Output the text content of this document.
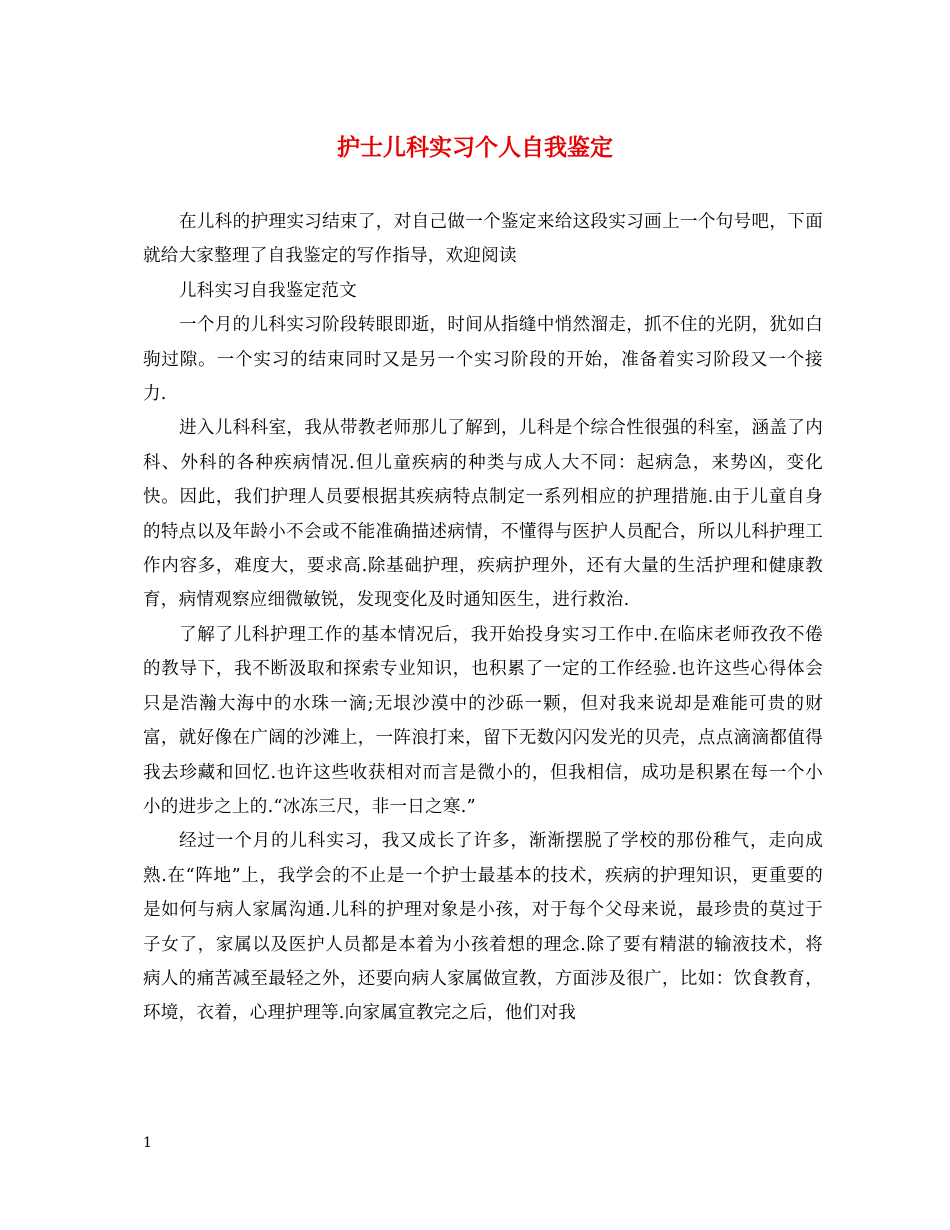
护士儿科实习个人自我鉴定

在儿科的护理实习结束了，对自己做一个鉴定来给这段实习画上一个句号吧，下面就给大家整理了自我鉴定的写作指导，欢迎阅读

儿科实习自我鉴定范文

一个月的儿科实习阶段转眼即逝，时间从指缝中悄然溜走，抓不住的光阴，犹如白驹过隙。一个实习的结束同时又是另一个实习阶段的开始，准备着实习阶段又一个接力.

进入儿科科室，我从带教老师那儿了解到，儿科是个综合性很强的科室，涵盖了内科、外科的各种疾病情况.但儿童疾病的种类与成人大不同：起病急，来势凶，变化快。因此，我们护理人员要根据其疾病特点制定一系列相应的护理措施.由于儿童自身的特点以及年龄小不会或不能准确描述病情，不懂得与医护人员配合，所以儿科护理工作内容多，难度大，要求高.除基础护理，疾病护理外，还有大量的生活护理和健康教育，病情观察应细微敏锐，发现变化及时通知医生，进行救治.

了解了儿科护理工作的基本情况后，我开始投身实习工作中.在临床老师孜孜不倦的教导下，我不断汲取和探索专业知识，也积累了一定的工作经验.也许这些心得体会只是浩瀚大海中的水珠一滴;无垠沙漠中的沙砾一颗，但对我来说却是难能可贵的财富，就好像在广阔的沙滩上，一阵浪打来，留下无数闪闪发光的贝壳，点点滴滴都值得我去珍藏和回忆.也许这些收获相对而言是微小的，但我相信，成功是积累在每一个小小的进步之上的.“冰冻三尺，非一日之寒.”

经过一个月的儿科实习，我又成长了许多，渐渐摆脱了学校的那份稚气，走向成熟.在“阵地”上，我学会的不止是一个护士最基本的技术，疾病的护理知识，更重要的是如何与病人家属沟通.儿科的护理对象是小孩，对于每个父母来说，最珍贵的莫过于子女了，家属以及医护人员都是本着为小孩着想的理念.除了要有精湛的输液技术，将病人的痛苦减至最轻之外，还要向病人家属做宣教，方面涉及很广，比如：饮食教育，环境，衣着，心理护理等.向家属宣教完之后，他们对我

1
